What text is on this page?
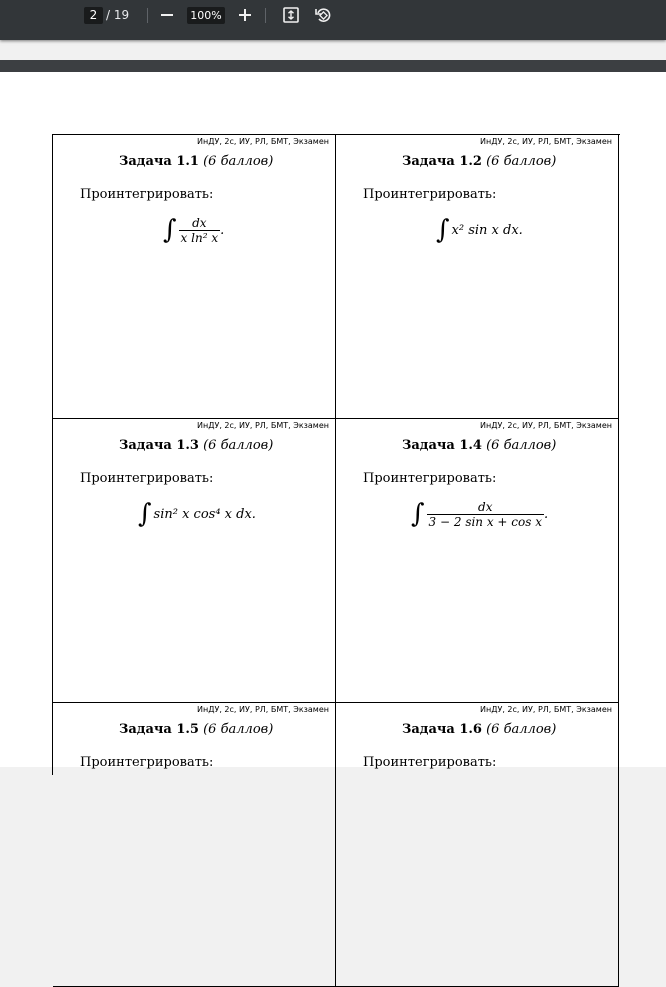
2 / 19	100%
ИнДУ, 2с, ИУ, РЛ, БМТ, Экзамен
Задача 1.1 (6 баллов)
Проинтегрировать:
∫ $\frac{dx}{\text{x ln² x}}$ .
ИнДУ, 2с, ИУ, РЛ, БМТ, Экзамен
Задача 1.2 (6 баллов)
Проинтегрировать:
∫ x² sin x dx.
ИнДУ, 2с, ИУ, РЛ, БМТ, Экзамен
Задача 1.3 (6 баллов)
Проинтегрировать:
∫ sin² x cos⁴ x dx.
ИнДУ, 2с, ИУ, РЛ, БМТ, Экзамен
Задача 1.4 (6 баллов)
Проинтегрировать:
∫ $\frac{dx}{\text{3 − 2 sin x + cos x}}$ .
ИнДУ, 2с, ИУ, РЛ, БМТ, Экзамен
Задача 1.5 (6 баллов)
Проинтегрировать:
ИнДУ, 2с, ИУ, РЛ, БМТ, Экзамен
Задача 1.6 (6 баллов)
Проинтегрировать:
